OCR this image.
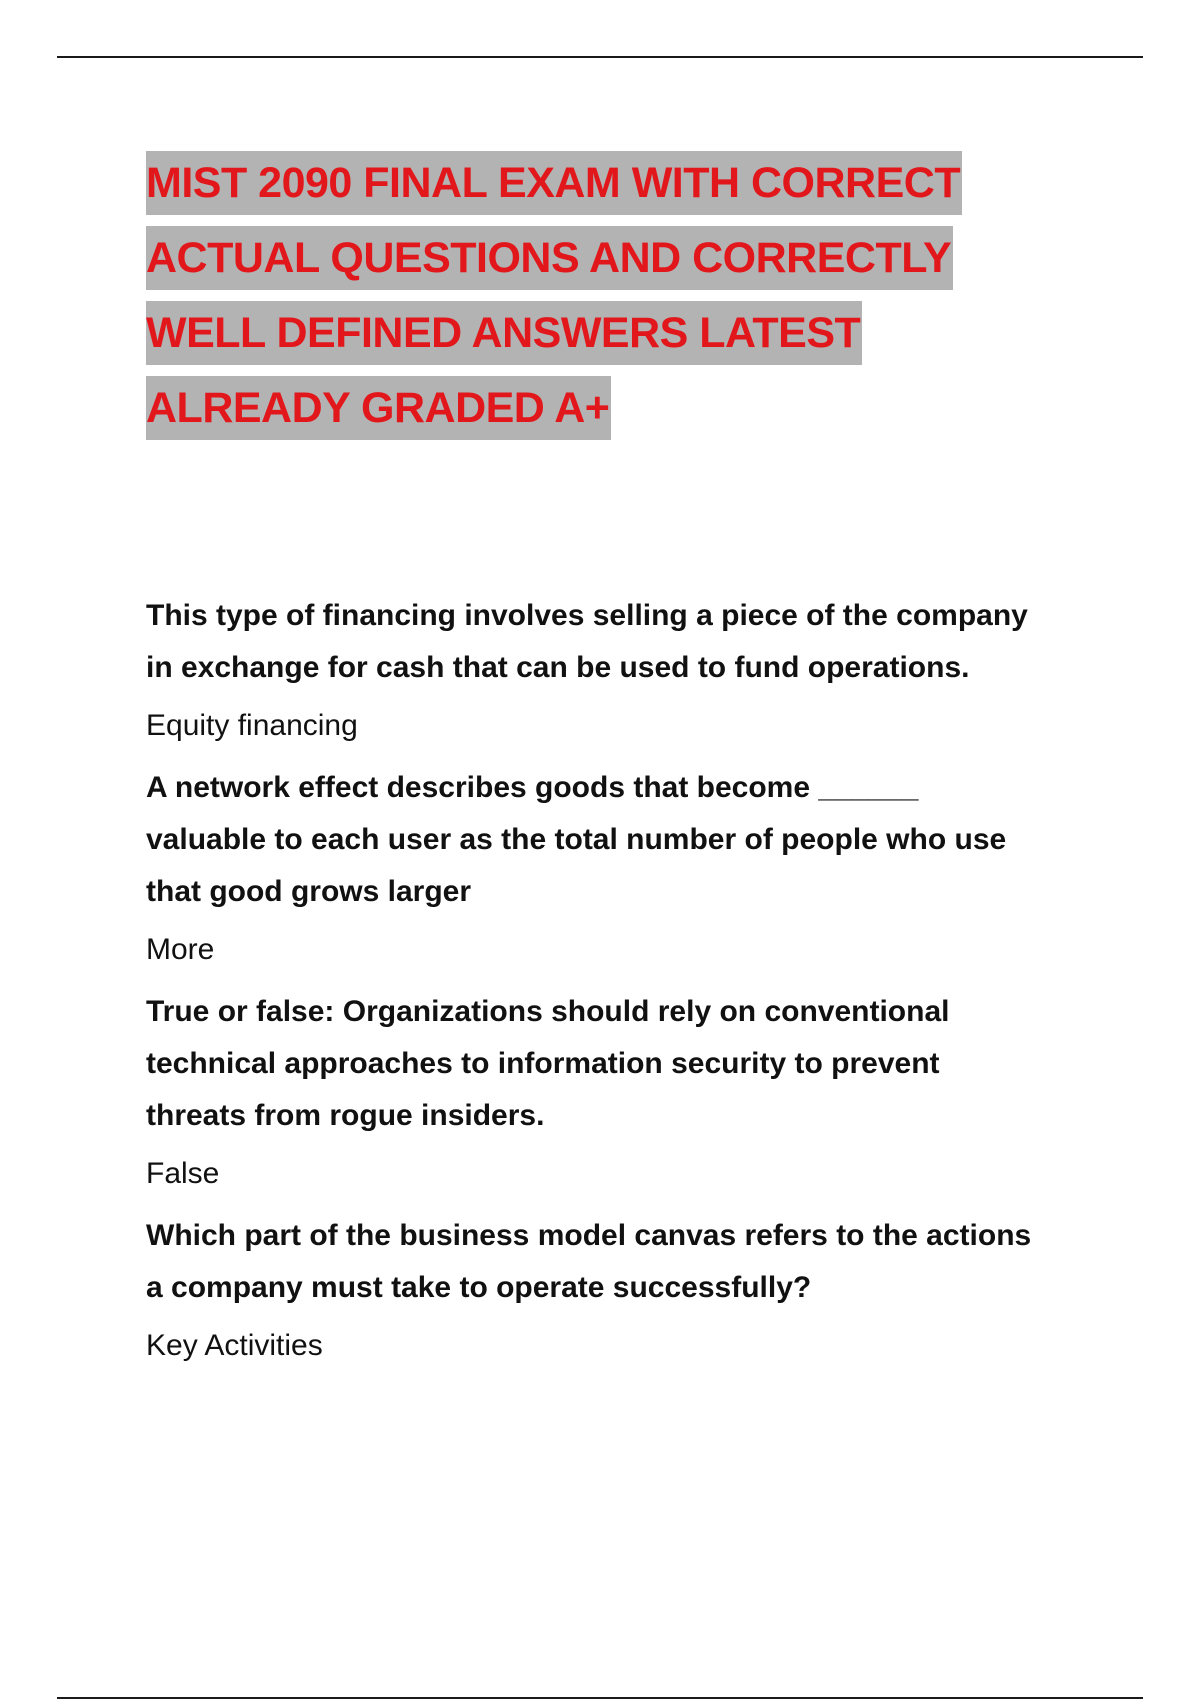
MIST 2090 FINAL EXAM WITH CORRECT
ACTUAL QUESTIONS AND CORRECTLY
WELL DEFINED ANSWERS LATEST
ALREADY GRADED A+

This type of financing involves selling a piece of the company in exchange for cash that can be used to fund operations.

Equity financing

A network effect describes goods that become ______ valuable to each user as the total number of people who use that good grows larger

More

True or false: Organizations should rely on conventional technical approaches to information security to prevent threats from rogue insiders.

False

Which part of the business model canvas refers to the actions a company must take to operate successfully?

Key Activities
